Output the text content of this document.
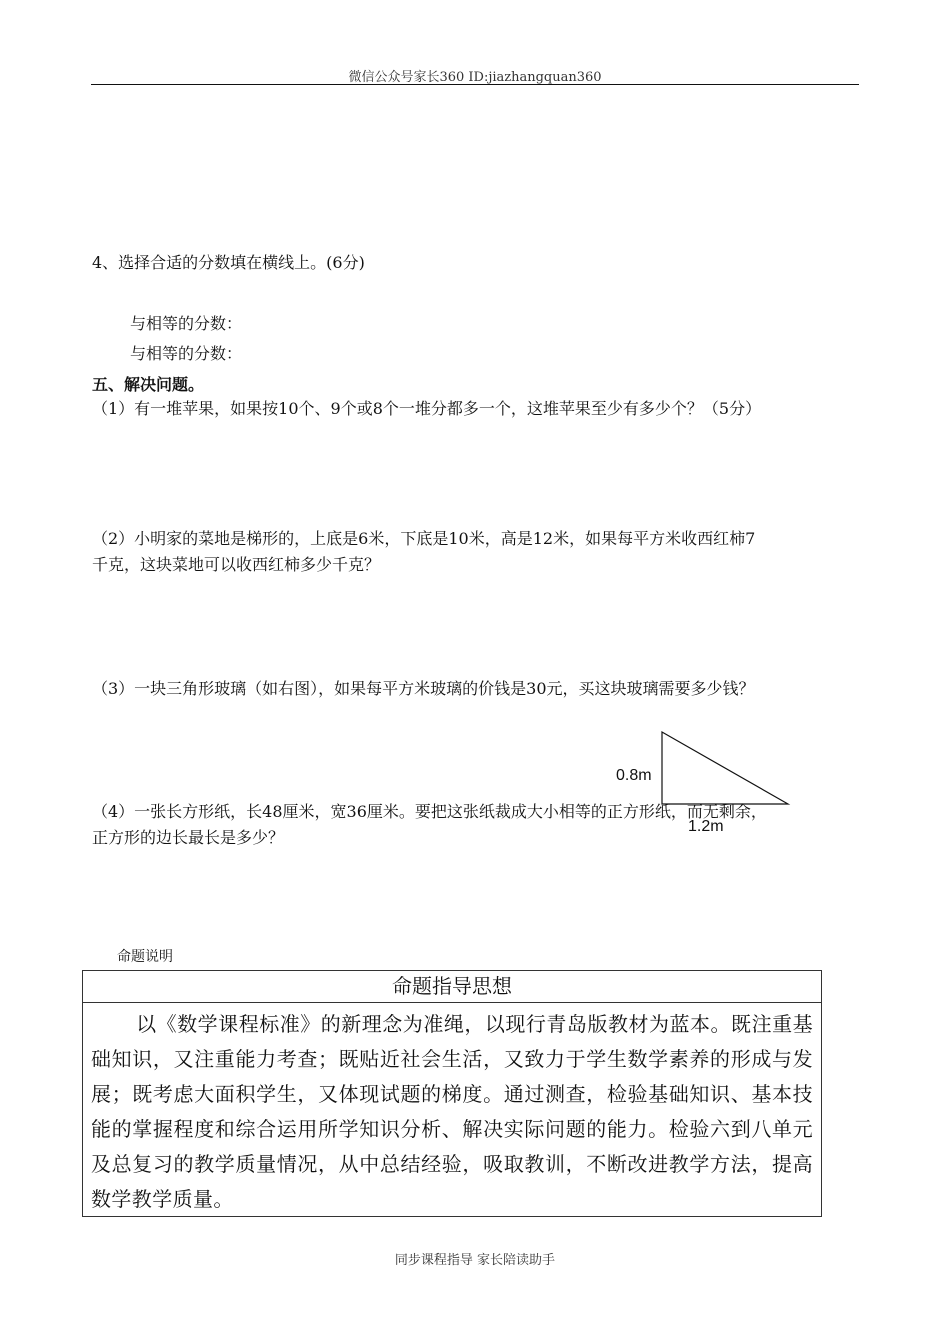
微信公众号家长360 ID:jiazhangquan360
4、选择合适的分数填在横线上。(6分)
与相等的分数：
与相等的分数：
五、解决问题。
（1）有一堆苹果，如果按10个、9个或8个一堆分都多一个，这堆苹果至少有多少个？（5分）
（2）小明家的菜地是梯形的，上底是6米，下底是10米，高是12米，如果每平方米收西红柿7
千克，这块菜地可以收西红柿多少千克？
（3）一块三角形玻璃（如右图），如果每平方米玻璃的价钱是30元，买这块玻璃需要多少钱？
（4）一张长方形纸，长48厘米，宽36厘米。要把这张纸裁成大小相等的正方形纸，而无剩余，
正方形的边长最长是多少？
0.8m
1.2m
命题说明
命题指导思想
以《数学课程标准》的新理念为准绳，以现行青岛版教材为蓝本。既注重基础知识，又注重能力考查；既贴近社会生活，又致力于学生数学素养的形成与发展；既考虑大面积学生，又体现试题的梯度。通过测查，检验基础知识、基本技能的掌握程度和综合运用所学知识分析、解决实际问题的能力。检验六到八单元及总复习的教学质量情况，从中总结经验，吸取教训，不断改进教学方法，提高数学教学质量。
同步课程指导 家长陪读助手
